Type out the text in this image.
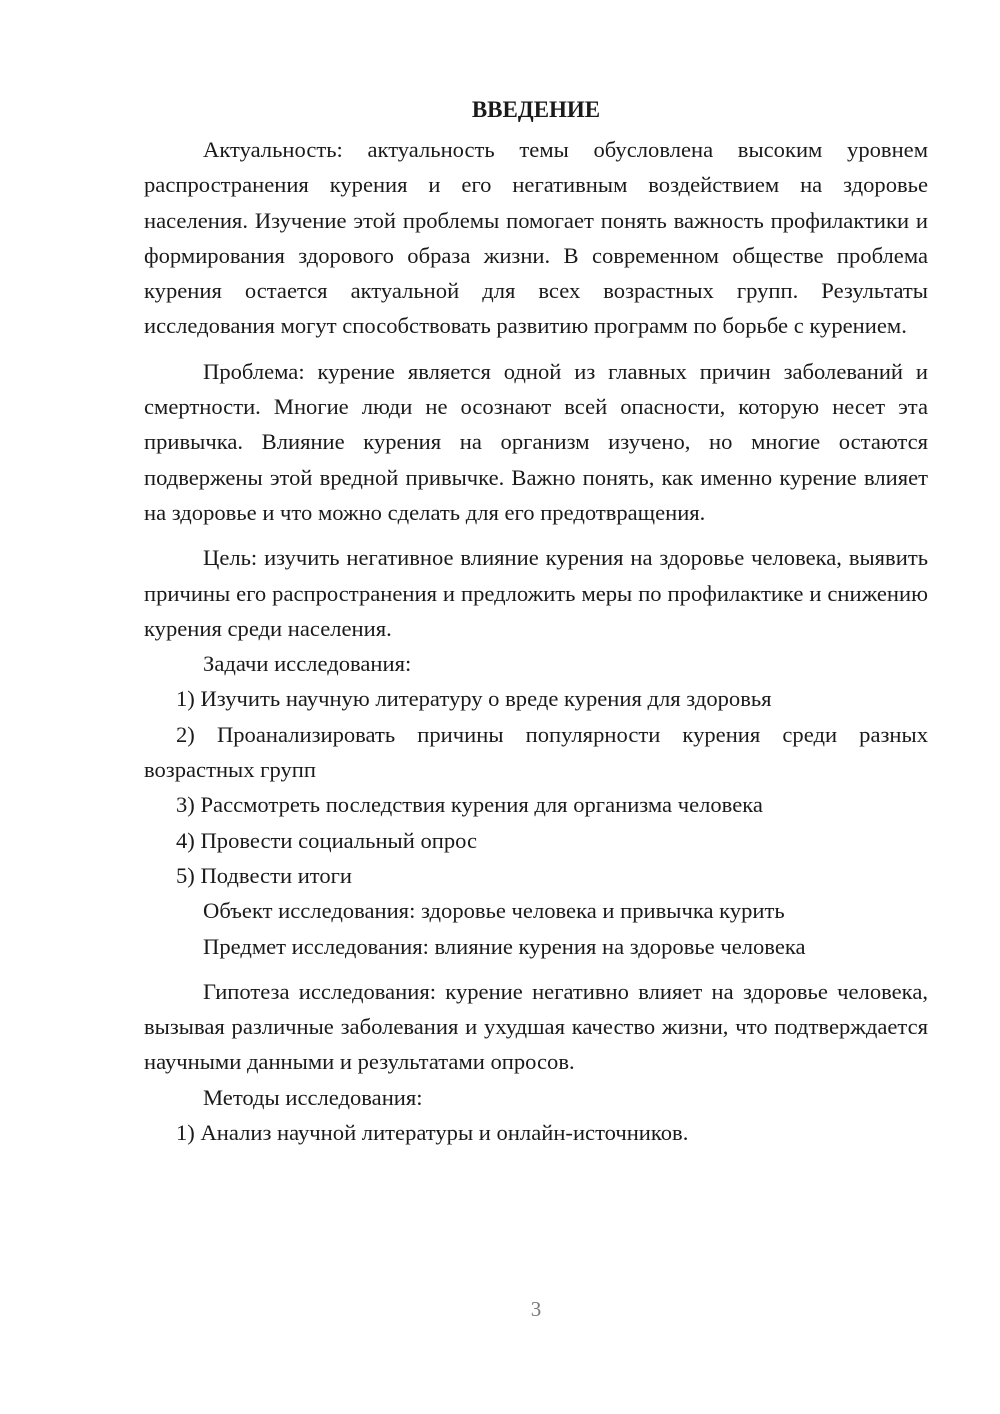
ВВЕДЕНИЕ

Актуальность: актуальность темы обусловлена высоким уровнем распространения курения и его негативным воздействием на здоровье населения. Изучение этой проблемы помогает понять важность профилактики и формирования здорового образа жизни. В современном обществе проблема курения остается актуальной для всех возрастных групп. Результаты исследования могут способствовать развитию программ по борьбе с курением.

Проблема: курение является одной из главных причин заболеваний и смертности. Многие люди не осознают всей опасности, которую несет эта привычка. Влияние курения на организм изучено, но многие остаются подвержены этой вредной привычке. Важно понять, как именно курение влияет на здоровье и что можно сделать для его предотвращения.

Цель: изучить негативное влияние курения на здоровье человека, выявить причины его распространения и предложить меры по профилактике и снижению курения среди населения.

Задачи исследования:

1) Изучить научную литературу о вреде курения для здоровья

2) Проанализировать причины популярности курения среди разных возрастных групп

3) Рассмотреть последствия курения для организма человека

4) Провести социальный опрос

5) Подвести итоги

Объект исследования: здоровье человека и привычка курить

Предмет исследования: влияние курения на здоровье человека

Гипотеза исследования: курение негативно влияет на здоровье человека, вызывая различные заболевания и ухудшая качество жизни, что подтверждается научными данными и результатами опросов.

Методы исследования:

1) Анализ научной литературы и онлайн-источников.

3
